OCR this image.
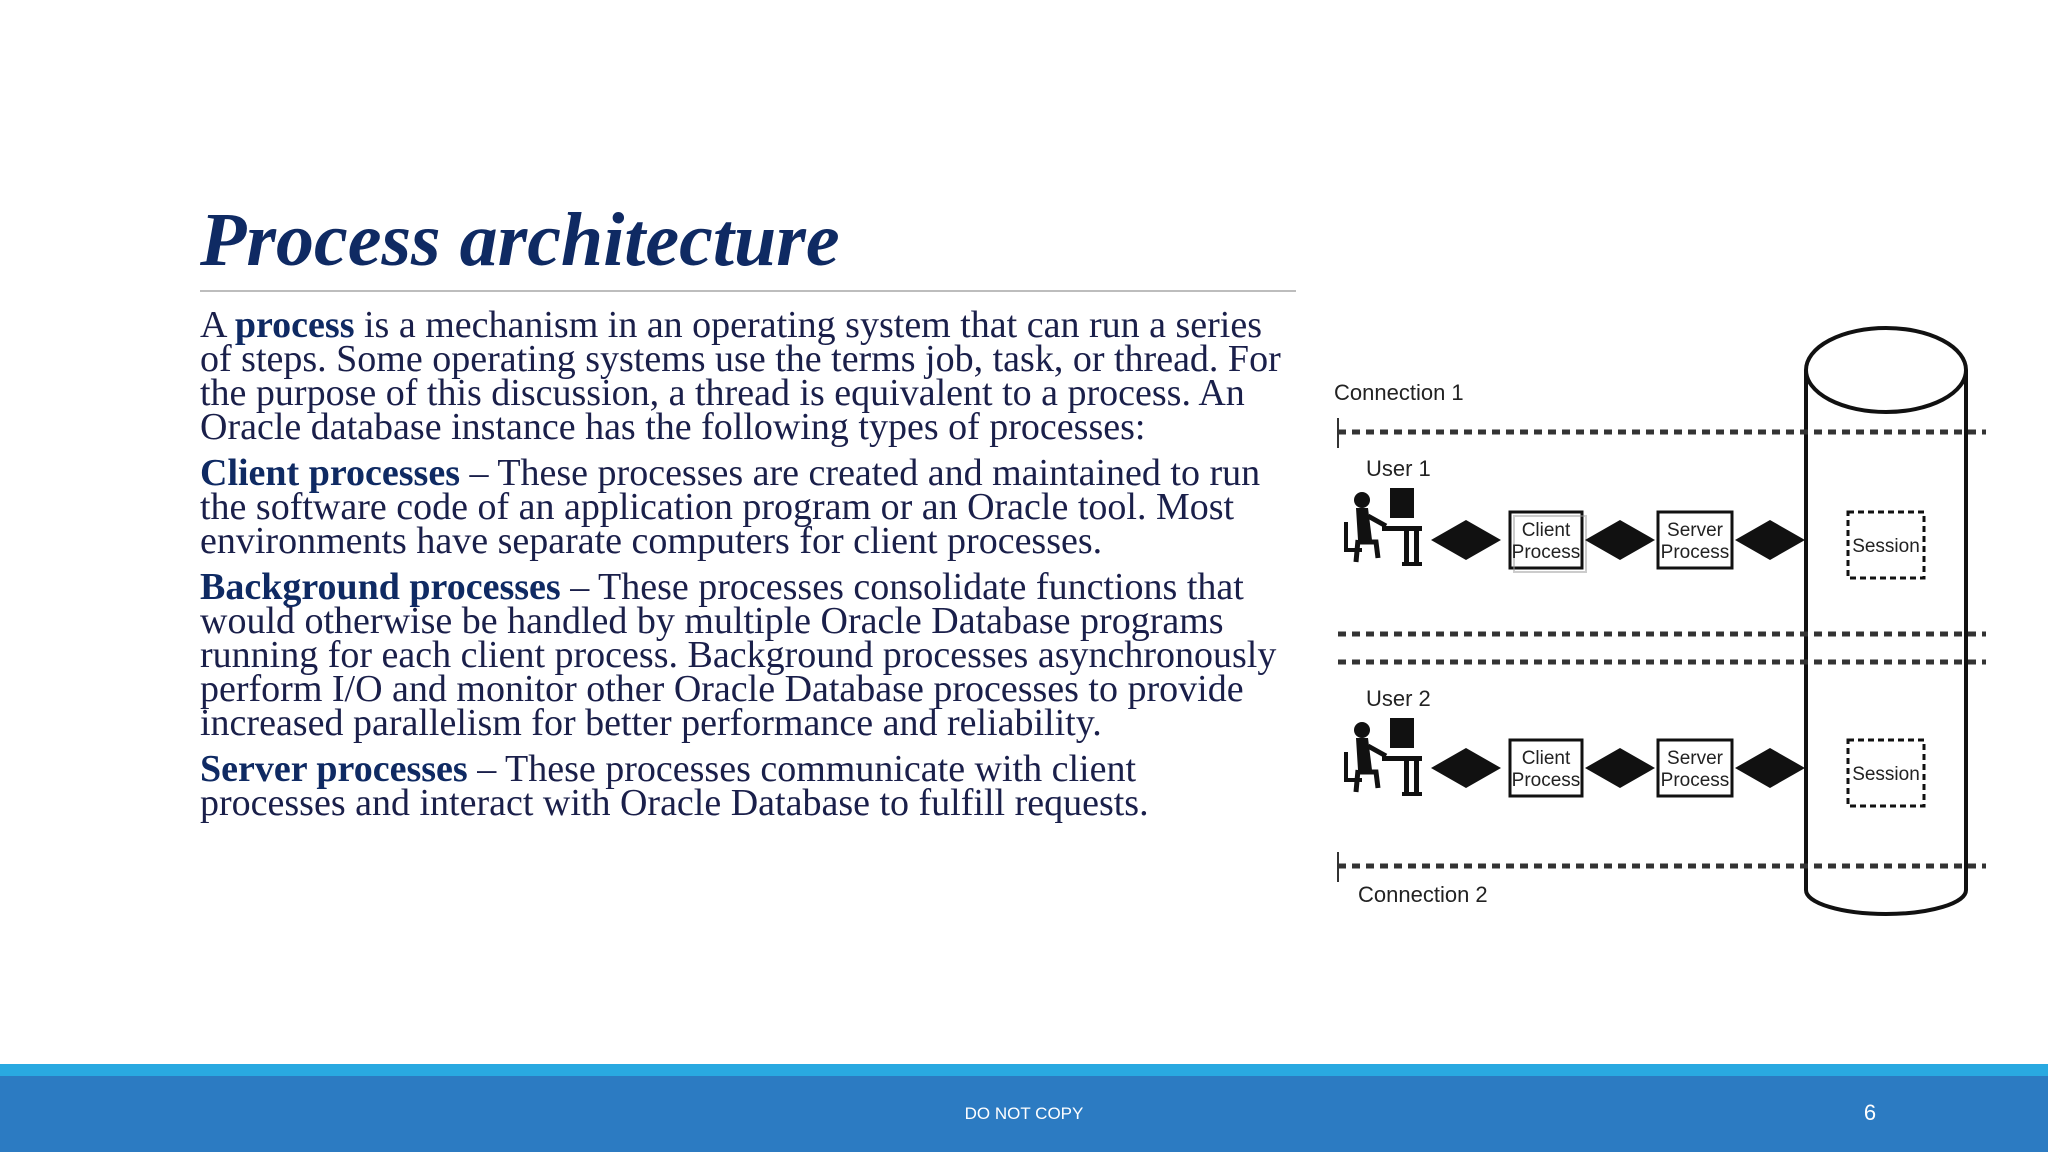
Process architecture

A process is a mechanism in an operating system that can run a series of steps. Some operating systems use the terms job, task, or thread. For the purpose of this discussion, a thread is equivalent to a process. An Oracle database instance has the following types of processes:

Client processes – These processes are created and maintained to run the software code of an application program or an Oracle tool. Most environments have separate computers for client processes.

Background processes – These processes consolidate functions that would otherwise be handled by multiple Oracle Database programs running for each client process. Background processes asynchronously perform I/O and monitor other Oracle Database processes to provide increased parallelism for better performance and reliability.

Server processes – These processes communicate with client processes and interact with Oracle Database to fulfill requests.

Connection 1
Connection 2
User 1
Client
Process
Server
Process	Session
User 2
Client
Process
Server
Process	Session
DO NOT COPY	6
